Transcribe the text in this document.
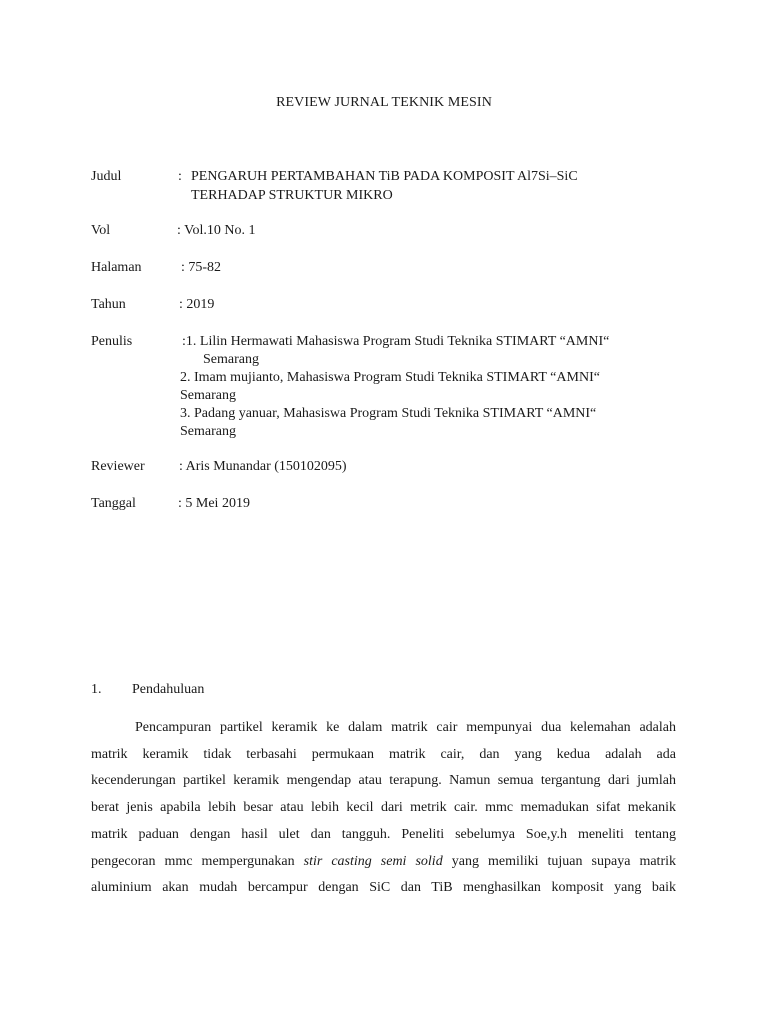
REVIEW JURNAL TEKNIK MESIN
Judul	: PENGARUH PERTAMBAHAN TiB PADA KOMPOSIT Al7Si–SiC
TERHADAP STRUKTUR MIKRO
Vol	: Vol.10 No. 1
Halaman	: 75-82
Tahun	: 2019
Penulis	:1. Lilin Hermawati Mahasiswa Program Studi Teknika STIMART “AMNI“
Semarang
2. Imam mujianto, Mahasiswa Program Studi Teknika STIMART “AMNI“
Semarang
3. Padang yanuar, Mahasiswa Program Studi Teknika STIMART “AMNI“
Semarang
Reviewer : Aris Munandar (150102095)
Tanggal	: 5 Mei 2019
1. Pendahuluan
Pencampuran partikel keramik ke dalam matrik cair mempunyai dua kelemahan adalah
matrik keramik tidak terbasahi permukaan matrik cair, dan yang kedua adalah ada
kecenderungan partikel keramik mengendap atau terapung. Namun semua tergantung dari jumlah
berat jenis apabila lebih besar atau lebih kecil dari metrik cair. mmc memadukan sifat mekanik
matrik paduan dengan hasil ulet dan tangguh. Peneliti sebelumya Soe,y.h meneliti tentang
pengecoran mmc mempergunakan stir casting semi solid yang memiliki tujuan supaya matrik
aluminium akan mudah bercampur dengan SiC dan TiB menghasilkan komposit yang baik
